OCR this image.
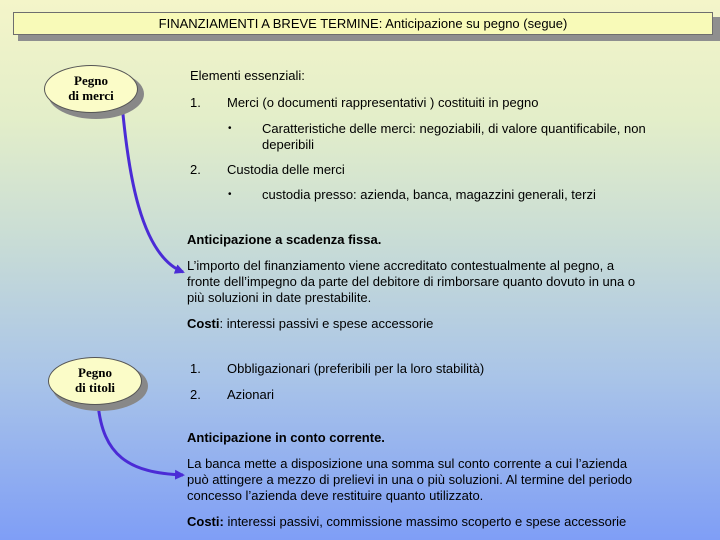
FINANZIAMENTI A BREVE TERMINE: Anticipazione su pegno (segue)
Pegno
di merci
Pegno
di titoli
Elementi essenziali:
1. Merci (o documenti rappresentativi ) costituiti in pegno
• Caratteristiche delle merci: negoziabili, di valore quantificabile, non
deperibili
2. Custodia delle merci
• custodia presso: azienda, banca, magazzini generali, terzi
Anticipazione a scadenza fissa.
L’importo del finanziamento viene accreditato contestualmente al pegno, a
fronte dell’impegno da parte del debitore di rimborsare quanto dovuto in una o
più soluzioni in date prestabilite.
Costi: interessi passivi e spese accessorie
1. Obbligazionari (preferibili per la loro stabilità)
2. Azionari
Anticipazione in conto corrente.
La banca mette a disposizione una somma sul conto corrente a cui l’azienda
può attingere a mezzo di prelievi in una o più soluzioni. Al termine del periodo
concesso l’azienda deve restituire quanto utilizzato.
Costi: interessi passivi, commissione massimo scoperto e spese accessorie
